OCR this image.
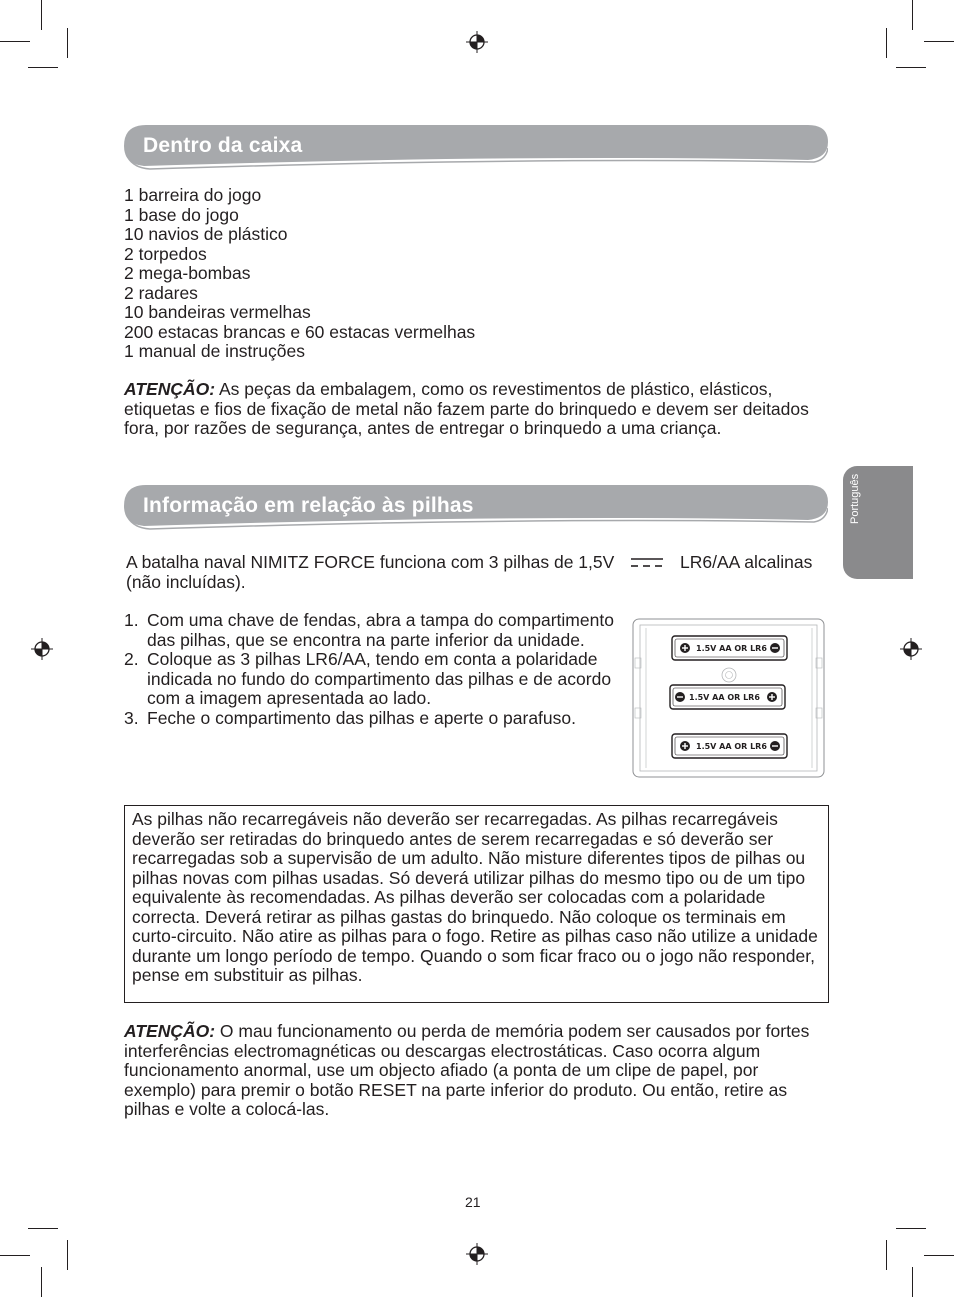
Dentro da caixa
1 barreira do jogo
1 base do jogo
10 navios de plástico
2 torpedos
2 mega-bombas
2 radares
10 bandeiras vermelhas
200 estacas brancas e 60 estacas vermelhas
1 manual de instruções

ATENÇÃO: As peças da embalagem, como os revestimentos de plástico, elásticos, etiquetas e fios de fixação de metal não fazem parte do brinquedo e devem ser deitados fora, por razões de segurança, antes de entregar o brinquedo a uma criança.

Informação em relação às pilhas

A batalha naval NIMITZ FORCE funciona com 3 pilhas de 1,5V	LR6/AA alcalinas (não incluídas).

1. Com uma chave de fendas, abra a tampa do compartimento das pilhas, que se encontra na parte inferior da unidade.
2. Coloque as 3 pilhas LR6/AA, tendo em conta a polaridade indicada no fundo do compartimento das pilhas e de acordo com a imagem apresentada ao lado.
3. Feche o compartimento das pilhas e aperte o parafuso.
1.5V AA OR LR6
1.5V AA OR LR6
1.5V AA OR LR6
As pilhas não recarregáveis não deverão ser recarregadas. As pilhas recarregáveis deverão ser retiradas do brinquedo antes de serem recarregadas e só deverão ser recarregadas sob a supervisão de um adulto. Não misture diferentes tipos de pilhas ou pilhas novas com pilhas usadas. Só deverá utilizar pilhas do mesmo tipo ou de um tipo equivalente às recomendadas. As pilhas deverão ser colocadas com a polaridade correcta. Deverá retirar as pilhas gastas do brinquedo. Não coloque os terminais em curto-circuito. Não atire as pilhas para o fogo. Retire as pilhas caso não utilize a unidade durante um longo período de tempo. Quando o som ficar fraco ou o jogo não responder, pense em substituir as pilhas.

ATENÇÃO: O mau funcionamento ou perda de memória podem ser causados por fortes interferências electromagnéticas ou descargas electrostáticas. Caso ocorra algum funcionamento anormal, use um objecto afiado (a ponta de um clipe de papel, por exemplo) para premir o botão RESET na parte inferior do produto. Ou então, retire as pilhas e volte a colocá-las.

Português
21
